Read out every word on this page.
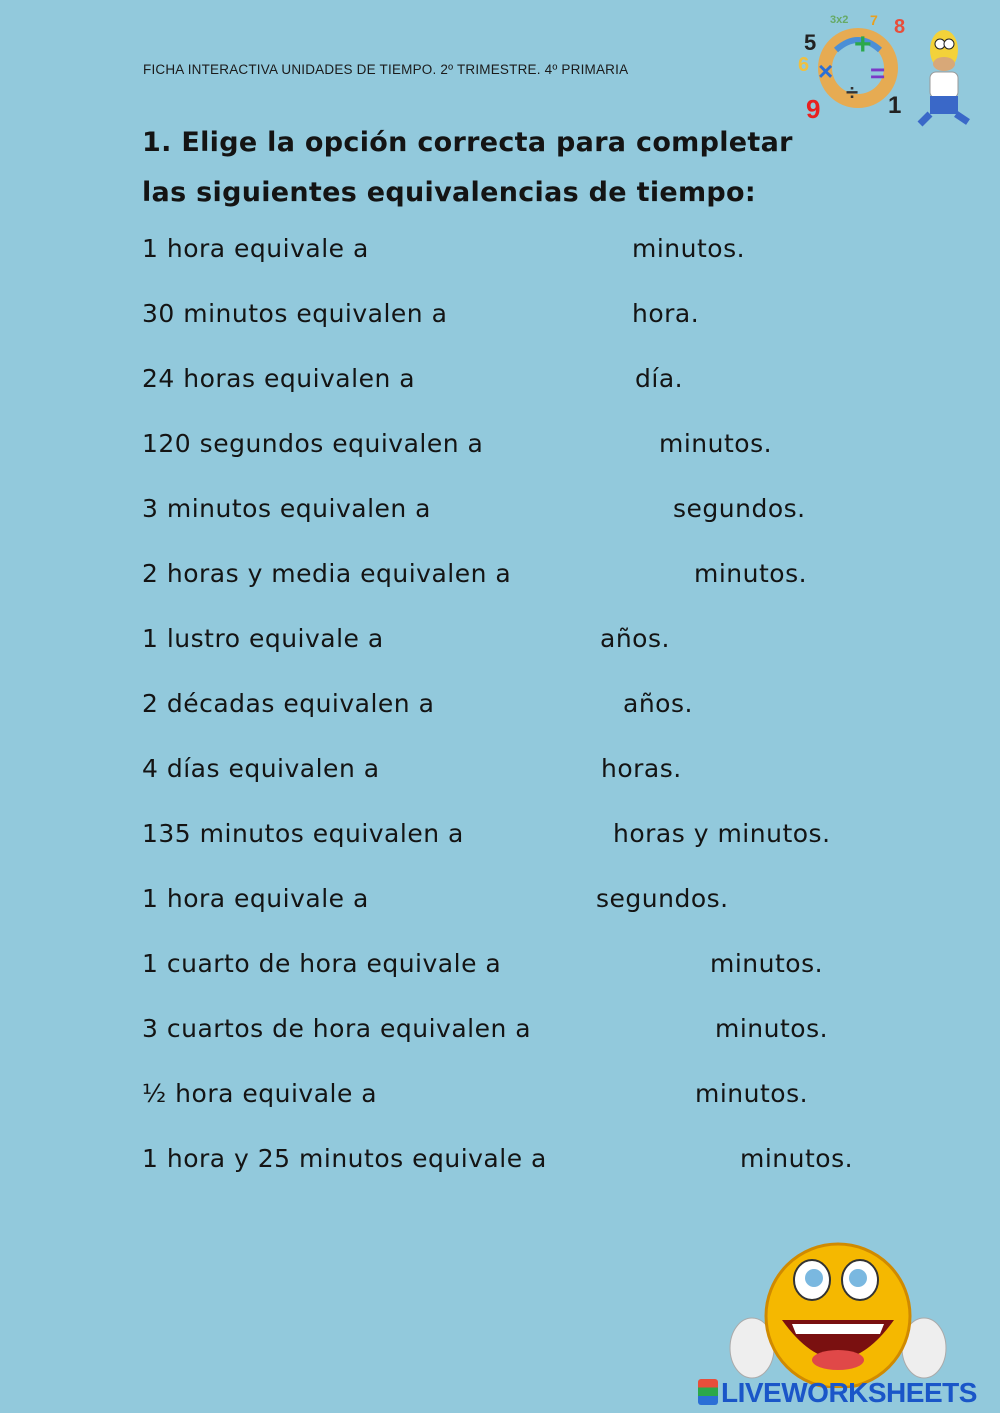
FICHA INTERACTIVA UNIDADES DE TIEMPO. 2º TRIMESTRE. 4º PRIMARIA
5
3x2 7 8
6 ×
+
=
÷
9	1
1. Elige la opción correcta para completar las siguientes equivalencias de tiempo:
1 hora equivale a	minutos.
30 minutos equivalen a	hora.
24 horas equivalen a	día.
120 segundos equivalen a	minutos.
3 minutos equivalen a	segundos.
2 horas y media equivalen a	minutos.
1 lustro equivale a	años.
2 décadas equivalen a	años.
4 días equivalen a	horas.
135 minutos equivalen a	horas y minutos.
1 hora equivale a	segundos.
1 cuarto de hora equivale a	minutos.
3 cuartos de hora equivalen a	minutos.
½ hora equivale a	minutos.
1 hora y 25 minutos equivale a	minutos.
LIVEWORKSHEETS
